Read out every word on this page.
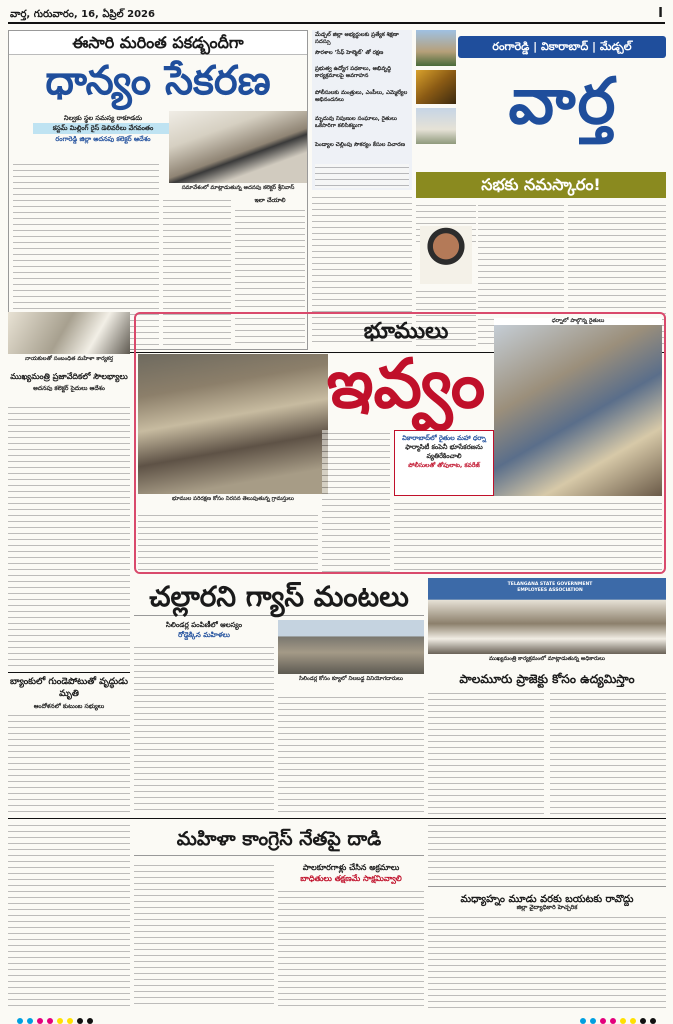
వార్త, గురువారం, 16, ఏప్రిల్ 2026	I
ఈసారి మరింత పకడ్బందీగా
ధాన్యం సేకరణ
నిల్వకు స్థల సమస్య రాకూడదు
కస్టమ్ మిల్లింగ్ రైస్ డెలివరీలు వేగవంతం
రంగారెడ్డి జిల్లా అదనపు కలెక్టర్ ఆదేశం
సమావేశంలో మాట్లాడుతున్న అదనపు కలెక్టర్ శ్రీనివాస్
ఇలా చేయాలి
మేడ్చల్ జిల్లా అభ్యర్థులకు ప్రత్యేక శిక్షణా సదస్సు
సౌరశాల ‘సేఫ్ హెల్మెట్’ తో రక్షణ
ప్రభుత్వ ఉద్యోగ పథకాలు, అభివృద్ధి కార్యక్రమాలపై అవగాహన
పోలీసులకు మంత్రులు, ఎంపీలు, ఎమ్మెల్యేల అభినందనలు
మృదువు నిపుణుల సంఘాలు, రైతులు ఒకేసారిగా కలిసికట్టుగా
పెండ్యాల చెల్లింపు సౌకర్యం కేసుల విచారణ
రంగారెడ్డి | వికారాబాద్ | మేడ్చల్
వార్త
సభకు నమస్కారం!
నాయకులతో సంబంధిత మహిళా కార్యకర్త
ముఖ్యమంత్రి ప్రజావేదికలో సౌలభ్యాలు
అదనపు కలెక్టర్ సైదులు ఆదేశం
బ్యాంకులో గుండెపోటుతో వృద్ధుడు మృతి
ఆందోళనలో కుటుంబ సభ్యులు
భూముల పరిరక్షణ కోసం నిరసన తెలుపుతున్న గ్రామస్తులు
భూములు
ఇవ్వం
ధర్నాలో పాల్గొన్న రైతులు
వికారాబాద్‌లో రైతుల మహా ధర్నా
ఫార్మాసిటీ కంపెనీ భూసేకరణను వ్యతిరేకించాలి
పోలీసులతో తోపులాట, కవరేజ్
చల్లారని గ్యాస్ మంటలు
సిలిండర్ల పంపిణీలో ఆలస్యం
రోడ్డెక్కిన మహిళలు
సిలిండర్ల కోసం క్యూలో నిలబడ్డ వినియోగదారులు
TELANGANA STATE GOVERNMENT EMPLOYEES ASSOCIATION
ముఖ్యమంత్రి కార్యక్రమంలో మాట్లాడుతున్న అధికారులు
పాలమూరు ప్రాజెక్టు కోసం ఉద్యమిస్తాం
మహిళా కాంగ్రెస్ నేతపై దాడి
పాలకూరగాళ్లు చేసిన అక్రమాలు
బాధితులు తక్షణమే సాక్షమివ్వాలి
మధ్యాహ్నం మూడు వరకు బయటకు రావొద్దు
జిల్లా వైద్యాధికారి హెచ్చరిక
